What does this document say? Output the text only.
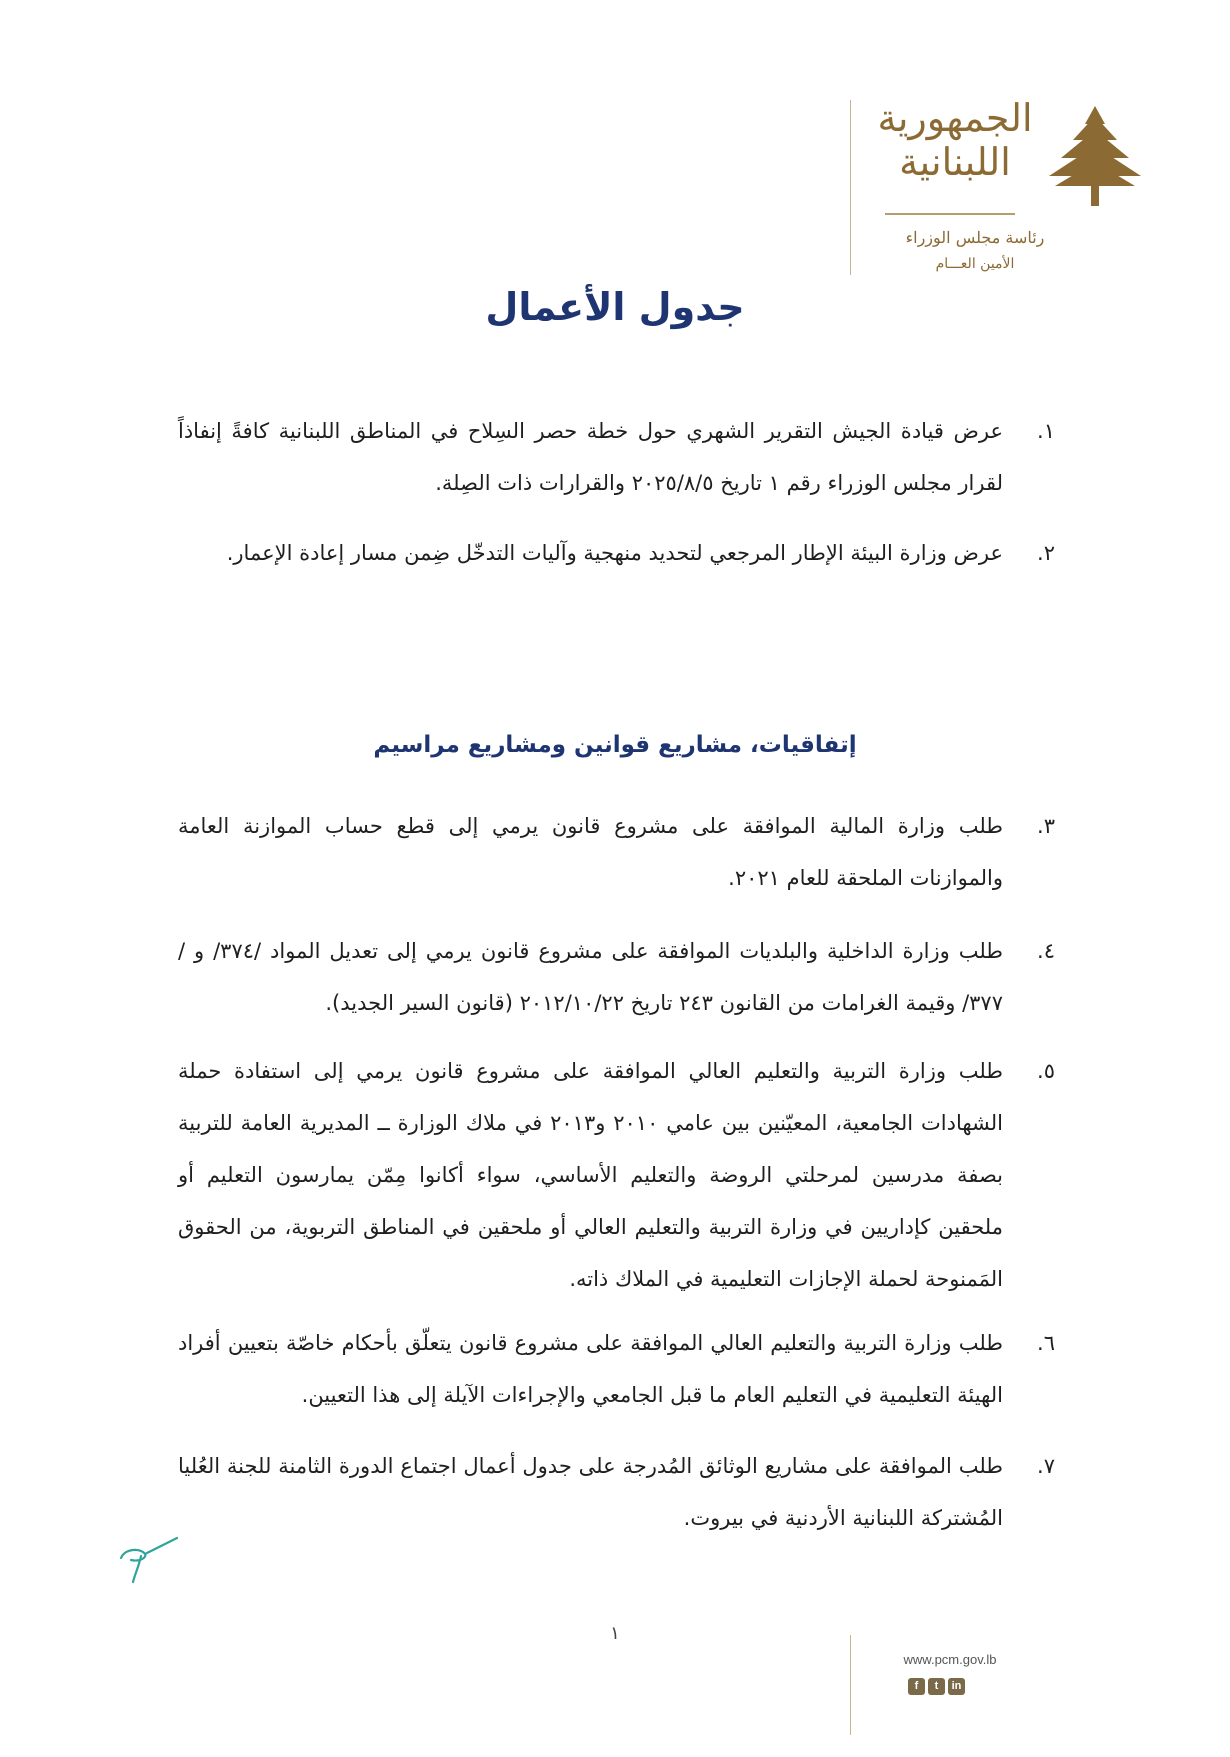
الجمهورية
اللبنانية
رئاسة مجلس الوزراء
الأمين العـــام
جدول الأعمال
١.
عرض قيادة الجيش التقرير الشهري حول خطة حصر السِلاح في المناطق اللبنانية كافةً إنفاذاً لقرار مجلس الوزراء رقم ١ تاريخ ٢٠٢٥/٨/٥ والقرارات ذات الصِلة.
٢.
عرض وزارة البيئة الإطار المرجعي لتحديد منهجية وآليات التدخّل ضِمن مسار إعادة الإعمار.
إتفاقيات، مشاريع قوانين ومشاريع مراسيم
٣.
طلب وزارة المالية الموافقة على مشروع قانون يرمي إلى قطع حساب الموازنة العامة والموازنات الملحقة للعام ٢٠٢١.
٤.
طلب وزارة الداخلية والبلديات الموافقة على مشروع قانون يرمي إلى تعديل المواد /٣٧٤/ و /٣٧٧/ وقيمة الغرامات من القانون ٢٤٣ تاريخ ٢٠١٢/١٠/٢٢ (قانون السير الجديد).
٥.
طلب وزارة التربية والتعليم العالي الموافقة على مشروع قانون يرمي إلى استفادة حملة الشهادات الجامعية، المعيّنين بين عامي ٢٠١٠ و٢٠١٣ في ملاك الوزارة ــ المديرية العامة للتربية بصفة مدرسين لمرحلتي الروضة والتعليم الأساسي، سواء أكانوا مِمّن يمارسون التعليم أو ملحقين كإداريين في وزارة التربية والتعليم العالي أو ملحقين في المناطق التربوية، من الحقوق المَمنوحة لحملة الإجازات التعليمية في الملاك ذاته.
٦.
طلب وزارة التربية والتعليم العالي الموافقة على مشروع قانون يتعلّق بأحكام خاصّة بتعيين أفراد الهيئة التعليمية في التعليم العام ما قبل الجامعي والإجراءات الآيلة إلى هذا التعيين.
٧.
طلب الموافقة على مشاريع الوثائق المُدرجة على جدول أعمال اجتماع الدورة الثامنة للجنة العُليا المُشتركة اللبنانية الأردنية في بيروت.
١
www.pcm.gov.lb
f	t	in
